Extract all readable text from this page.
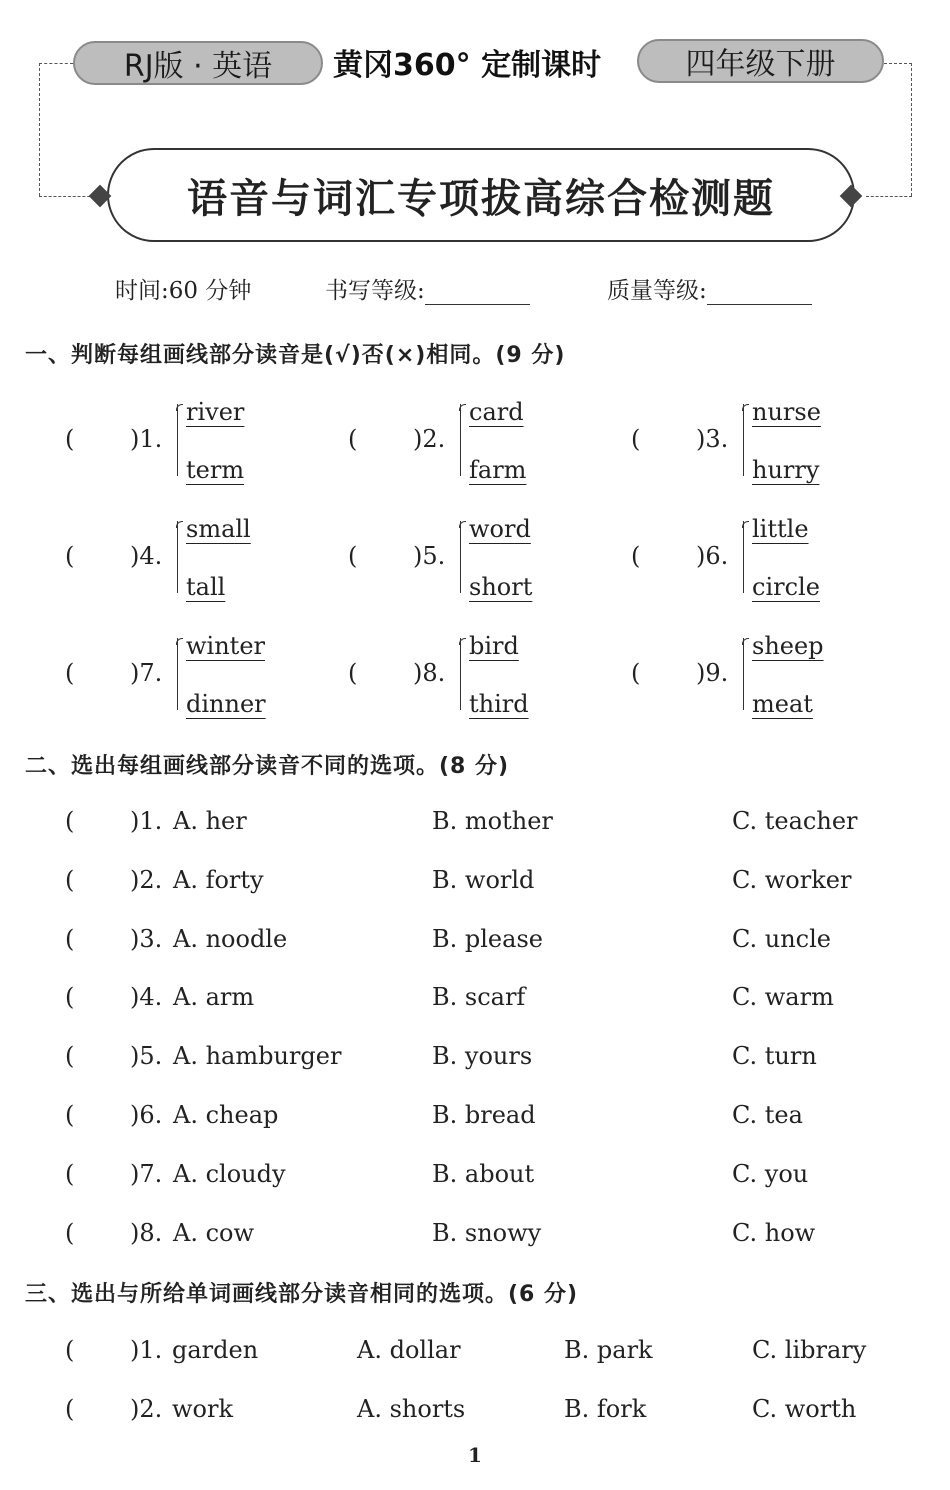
RJ版 · 英语	黄冈360° 定制课时	四年级下册
语音与词汇专项拔高综合检测题
时间:60 分钟	书写等级:	质量等级:
一、判断每组画线部分读音是(√)否(×)相同。(9 分)
( )1.
river
term
( )2.
card
farm
( )3.
nurse
hurry
( )4.
small
tall
( )5.
word
short
( )6.
little
circle
( )7.
winter
dinner
( )8.
bird
third
( )9.
sheep
meat
二、选出每组画线部分读音不同的选项。(8 分)
( )1. A. her	B. mother	C. teacher
( )2. A. forty	B. world	C. worker
( )3. A. noodle	B. please	C. uncle
( )4. A. arm	B. scarf	C. warm
( )5. A. hamburger	B. yours	C. turn
( )6. A. cheap	B. bread	C. tea
( )7. A. cloudy	B. about	C. you
( )8. A. cow	B. snowy	C. how
三、选出与所给单词画线部分读音相同的选项。(6 分)
( )1. garden	A. dollar	B. park	C. library
( )2. work	A. shorts	B. fork	C. worth
1
